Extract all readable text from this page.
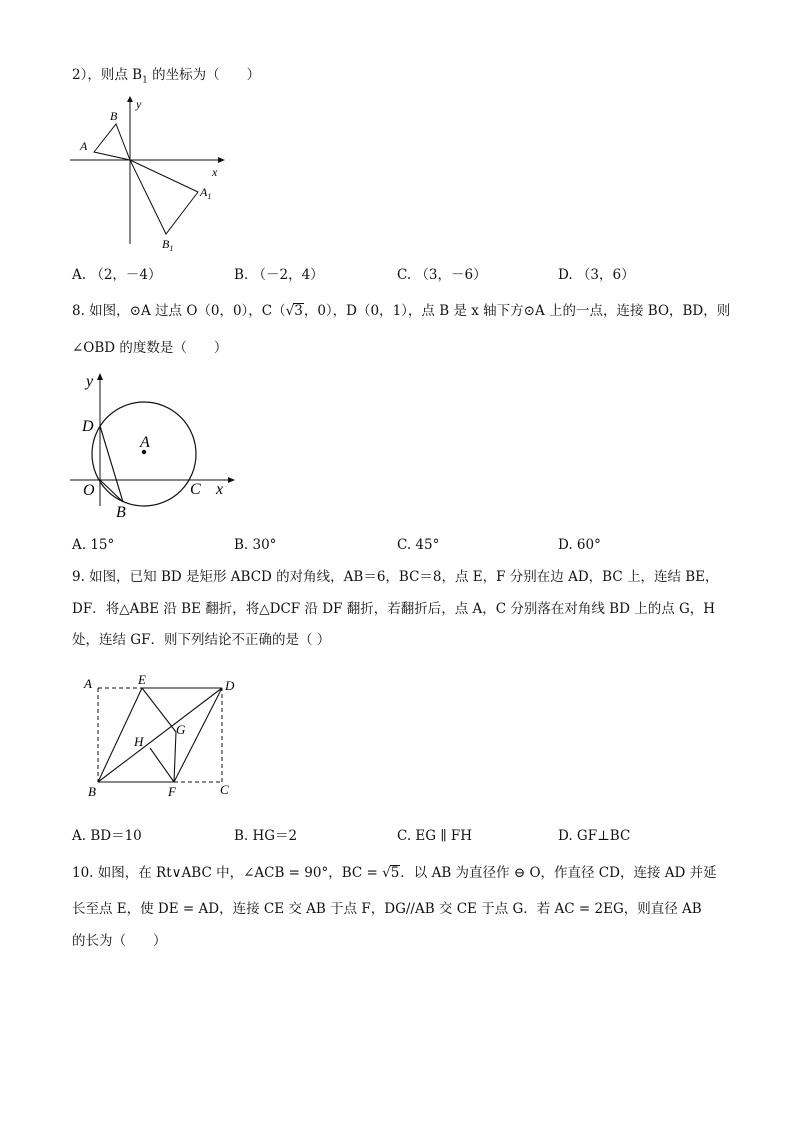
2），则点 $B_1$ 的坐标为（　　）
y
x
B
A
$A_1$
$B_1$
A. （2，－4）	B. （－2，4）	C. （3，－6）	D. （3，6）
8. 如图，⊙A 过点 O（0，0），C（√3，0），D（0，1），点 B 是 x 轴下方⊙A 上的一点，连接 BO，BD，则
∠OBD 的度数是（　　）
y
x
D
A
O	C
B
A. 15°	B. 30°	C. 45°	D. 60°
9. 如图，已知 BD 是矩形 ABCD 的对角线，AB＝6，BC＝8，点 E，F 分别在边 AD，BC 上，连结 BE，
DF．将△ABE 沿 BE 翻折，将△DCF 沿 DF 翻折，若翻折后，点 A，C 分别落在对角线 BD 上的点 G，H
处，连结 GF．则下列结论不正确的是（ ）
A	E	D
H
G
B	F	C
A. BD＝10	B. HG＝2	C. EG ∥ FH	D. GF⊥BC
10. 如图，在 Rt∨ABC 中，∠ACB = 90°，BC = √5．以 AB 为直径作 ⊖ O，作直径 CD，连接 AD 并延
长至点 E，使 DE = AD，连接 CE 交 AB 于点 F，DG//AB 交 CE 于点 G．若 AC = 2EG，则直径 AB
的长为（　　）
